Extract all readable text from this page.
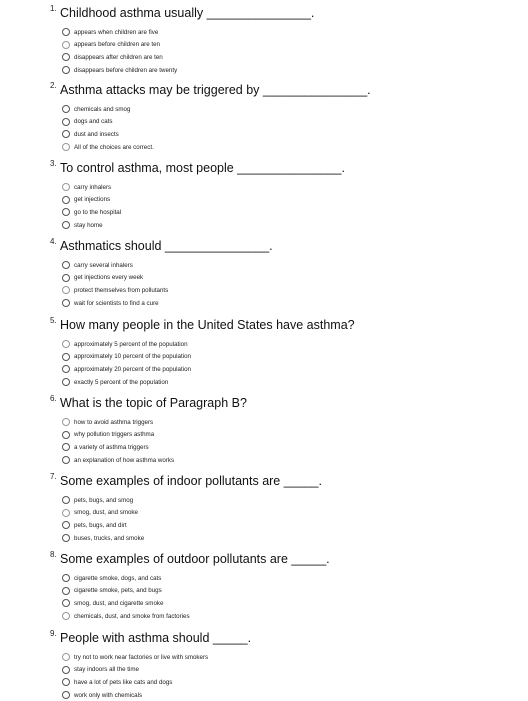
1. Childhood asthma usually _______________.
appears when children are five
appears before children are ten
disappears after children are ten
disappears before children are twenty
2. Asthma attacks may be triggered by _______________.
chemicals and smog
dogs and cats
dust and insects
All of the choices are correct.
3. To control asthma, most people _______________.
carry inhalers
get injections
go to the hospital
stay home
4. Asthmatics should _______________.
carry several inhalers
get injections every week
protect themselves from pollutants
wait for scientists to find a cure
5. How many people in the United States have asthma?
approximately 5 percent of the population
approximately 10 percent of the population
approximately 20 percent of the population
exactly 5 percent of the population
6. What is the topic of Paragraph B?
how to avoid asthma triggers
why pollution triggers asthma
a variety of asthma triggers
an explanation of how asthma works
7. Some examples of indoor pollutants are _____.
pets, bugs, and smog
smog, dust, and smoke
pets, bugs, and dirt
buses, trucks, and smoke
8. Some examples of outdoor pollutants are _____.
cigarette smoke, dogs, and cats
cigarette smoke, pets, and bugs
smog, dust, and cigarette smoke
chemicals, dust, and smoke from factories
9. People with asthma should _____.
try not to work near factories or live with smokers
stay indoors all the time
have a lot of pets like cats and dogs
work only with chemicals
